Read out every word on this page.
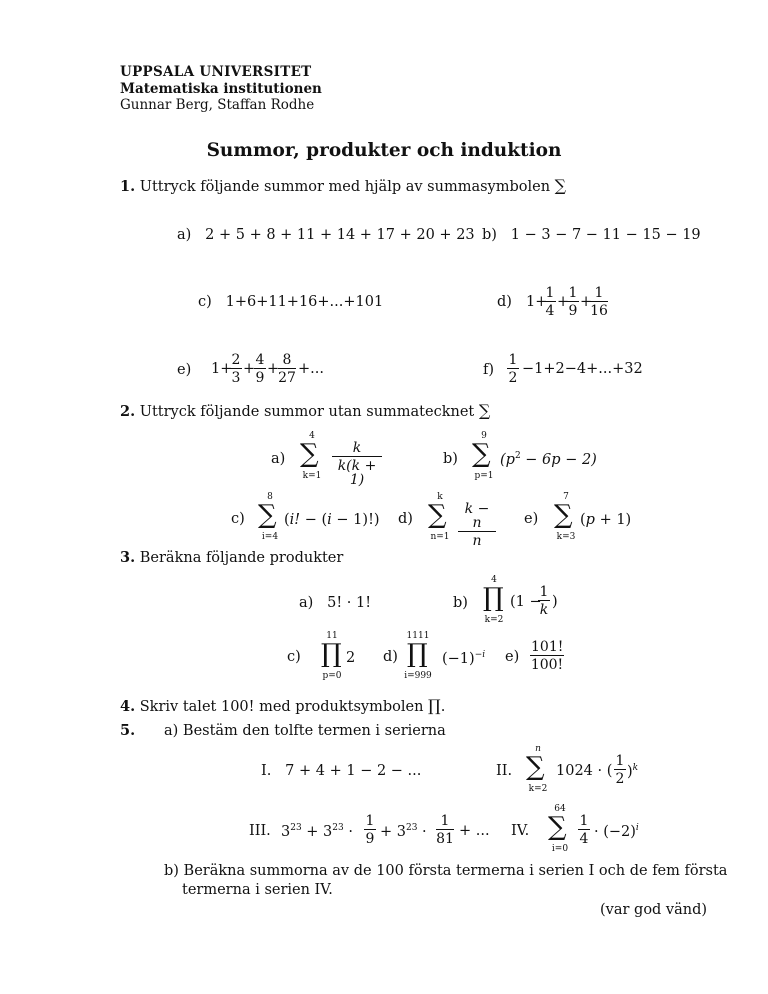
UPPSALA UNIVERSITET
Matematiska institutionen
Gunnar Berg, Staffan Rodhe
Summor, produkter och induktion
1. Uttryck följande summor med hjälp av summasymbolen ∑
a) 2 + 5 + 8 + 11 + 14 + 17 + 20 + 23 b) 1 − 3 − 7 − 11 − 15 − 19
c) 1+6+11+16+...+101	d) 1+
$\frac{1}{4}$ +
$\frac{1}{9}$ +
$\frac{1}{16}$
e) 1+
$\frac{2}{3}$ +
$\frac{4}{9}$ +
$\frac{8}{27}$ +...	$f) \frac{1}{2} -1+2-4+...+32$
2. Uttryck följande summor utan summatecknet ∑
a)
4
∑
$k=1 \frac{k}{k(k + 1)}$	b)
9
∑
p=1
$(p^2 - 6p - 2)$
c)
8
∑
i=4
(i! − (i − 1)!) d)
k
∑
$n=1 \frac{k - n}{n} e$)
7
∑
k=3
(p + 1)
3. Beräkna följande produkter
a) 5! · 1!	b)
4
∏
k=2
(1 −
$\frac{1}{k}$ )
c)
11
∏
p=0
2 d)
1111
∏
i=999
$(-1)^{-i}$ $e) \frac{101!}{100!}$
4. Skriv talet 100! med produktsymbolen ∏.
5. a) Bestäm den tolfte termen i serierna
I. 7 + 4 + 1 − 2 − ...	II.
n
∑
k=2
1024 · ( $\frac{1}{2} )^k$
III. $3^{23} + 3^{23} \cdot \frac{1}{9} + 3^{23} \cdot \frac{1}{81}$ + ... IV.
64
∑
i=0
$\frac{1}{4} \cdot (-2)^i$
b) Beräkna summorna av de 100 första termerna i serien I och de fem första
termerna i serien IV.
(var god vänd)
